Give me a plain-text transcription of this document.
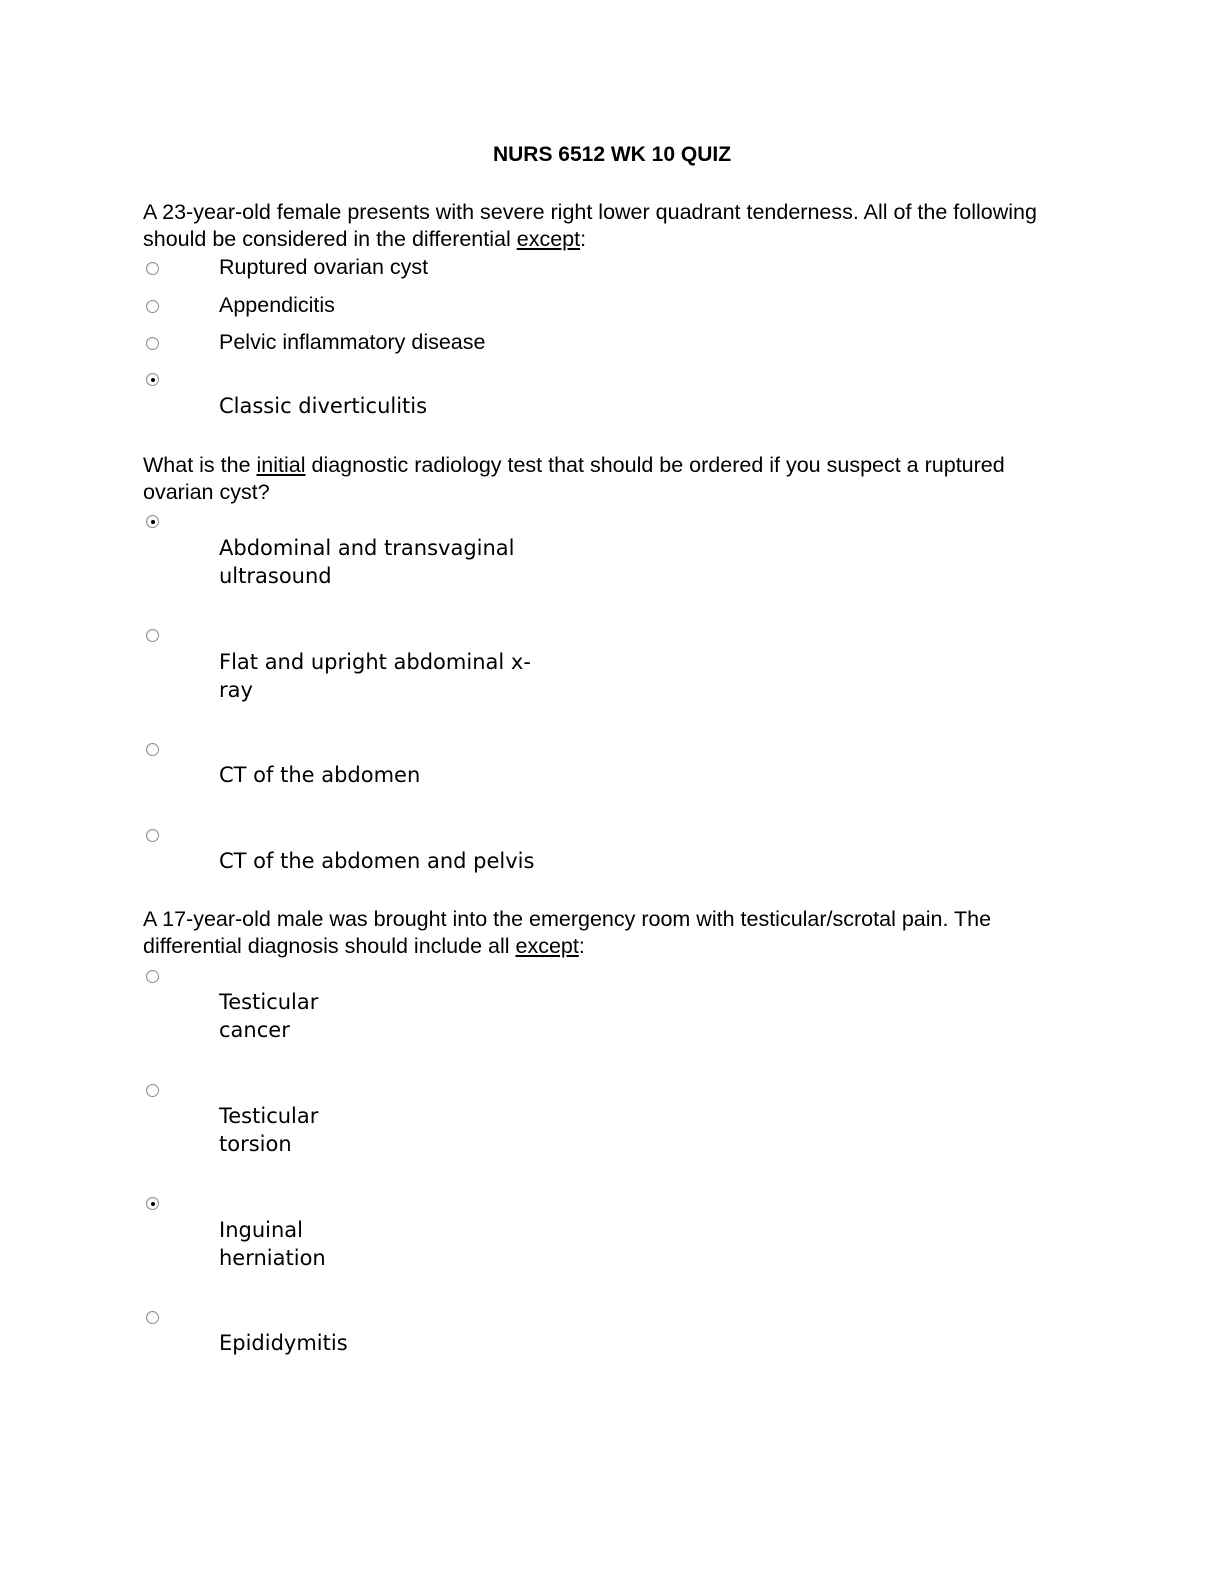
NURS 6512 WK 10 QUIZ

A 23-year-old female presents with severe right lower quadrant tenderness. All of the following should be considered in the differential except:

Ruptured ovarian cyst

Appendicitis

Pelvic inflammatory disease

Classic diverticulitis

What is the initial diagnostic radiology test that should be ordered if you suspect a ruptured ovarian cyst?

Abdominal and transvaginal
ultrasound

Flat and upright abdominal x-
ray

CT of the abdomen

CT of the abdomen and pelvis

A 17-year-old male was brought into the emergency room with testicular/scrotal pain. The differential diagnosis should include all except:

Testicular
cancer

Testicular
torsion

Inguinal
herniation

Epididymitis
